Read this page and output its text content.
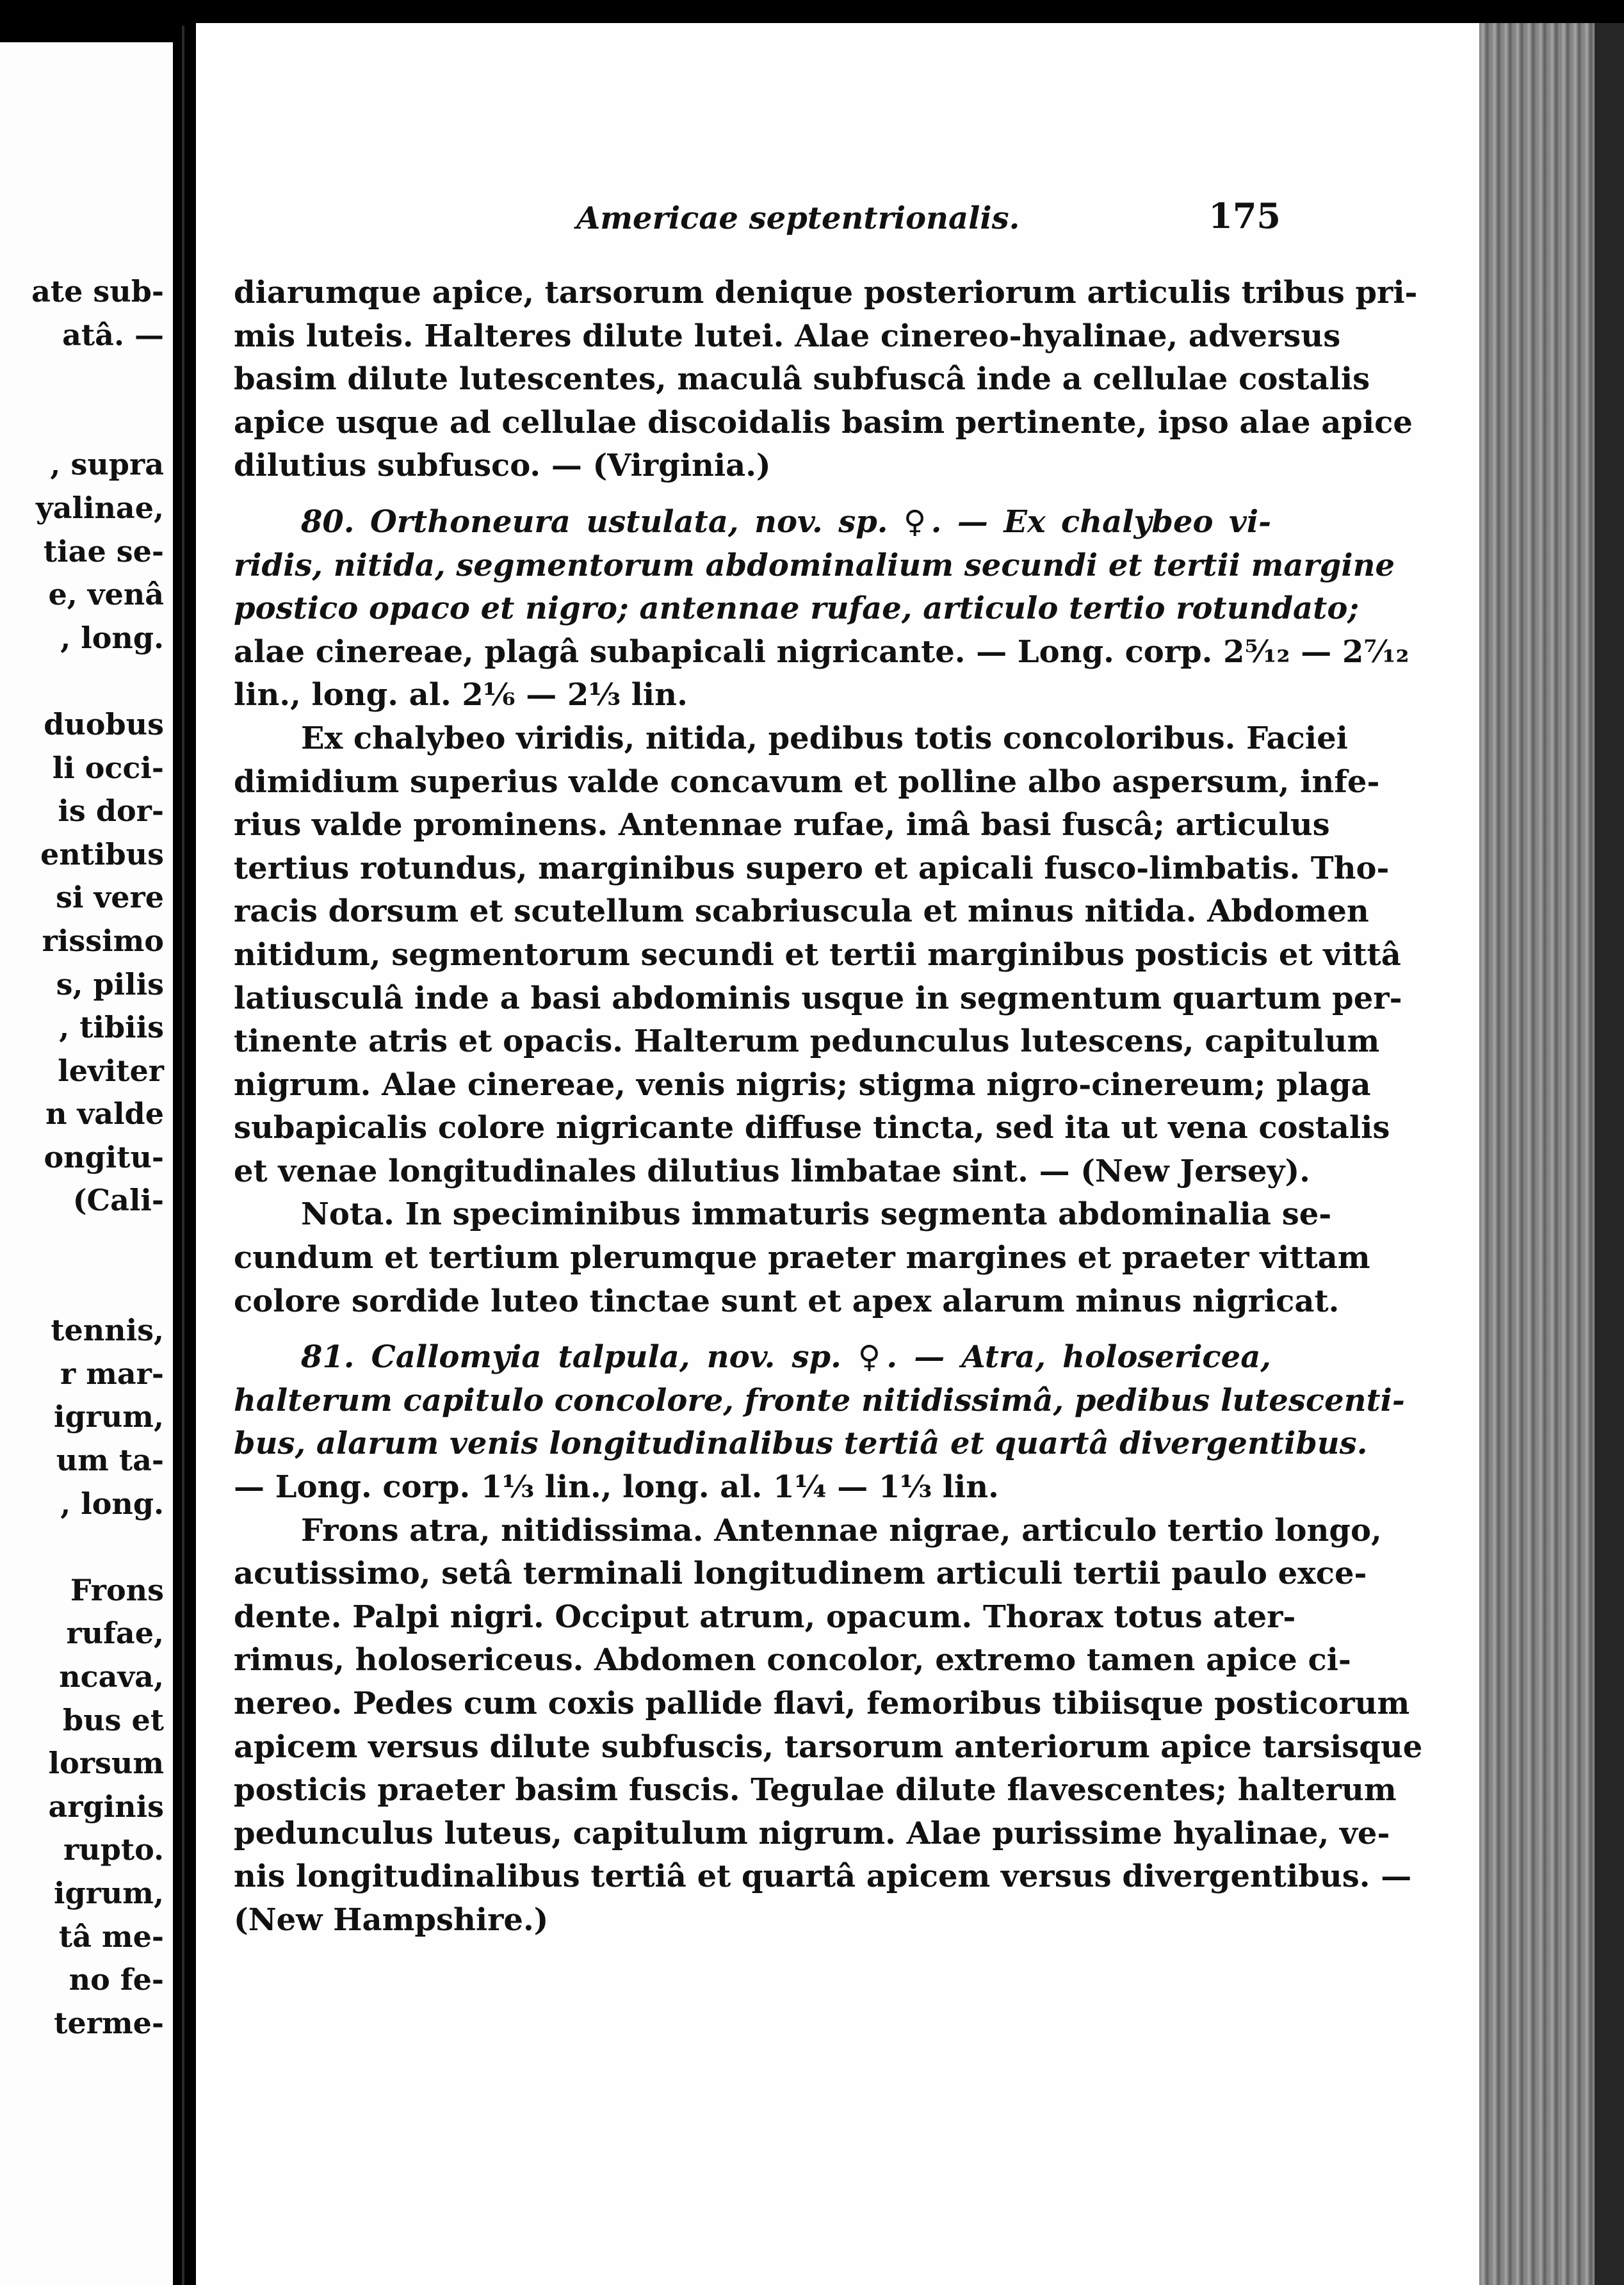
ate sub-
atâ. —
, supra
yalinae,
tiae se-
e, venâ
, long.
duobus
li occi-
is dor-
entibus
si vere
rissimo
s, pilis
, tibiis
leviter
n valde
ongitu-
(Cali-
tennis,
r mar-
igrum,
um ta-
, long.
Frons
rufae,
ncava,
bus et
lorsum
arginis
rupto.
igrum,
tâ me-
no fe-
terme-
Americae septentrionalis.	175
diarumque apice, tarsorum denique posteriorum articulis tribus pri-
mis luteis. Halteres dilute lutei. Alae cinereo-hyalinae, adversus
basim dilute lutescentes, maculâ subfuscâ inde a cellulae costalis
apice usque ad cellulae discoidalis basim pertinente, ipso alae apice
dilutius subfusco. — (Virginia.)
80. Orthoneura ustulata, nov. sp. ♀. — Ex chalybeo vi-
ridis, nitida, segmentorum abdominalium secundi et tertii margine
postico opaco et nigro; antennae rufae, articulo tertio rotundato;
alae cinereae, plagâ subapicali nigricante. — Long. corp. 2⁵⁄₁₂ — 2⁷⁄₁₂
lin., long. al. 2⅙ — 2⅓ lin.
Ex chalybeo viridis, nitida, pedibus totis concoloribus. Faciei
dimidium superius valde concavum et polline albo aspersum, infe-
rius valde prominens. Antennae rufae, imâ basi fuscâ; articulus
tertius rotundus, marginibus supero et apicali fusco-limbatis. Tho-
racis dorsum et scutellum scabriuscula et minus nitida. Abdomen
nitidum, segmentorum secundi et tertii marginibus posticis et vittâ
latiusculâ inde a basi abdominis usque in segmentum quartum per-
tinente atris et opacis. Halterum pedunculus lutescens, capitulum
nigrum. Alae cinereae, venis nigris; stigma nigro-cinereum; plaga
subapicalis colore nigricante diffuse tincta, sed ita ut vena costalis
et venae longitudinales dilutius limbatae sint. — (New Jersey).
Nota. In speciminibus immaturis segmenta abdominalia se-
cundum et tertium plerumque praeter margines et praeter vittam
colore sordide luteo tinctae sunt et apex alarum minus nigricat.
81. Callomyia talpula, nov. sp. ♀. — Atra, holosericea,
halterum capitulo concolore, fronte nitidissimâ, pedibus lutescenti-
bus, alarum venis longitudinalibus tertiâ et quartâ divergentibus.
— Long. corp. 1⅓ lin., long. al. 1¼ — 1⅓ lin.
Frons atra, nitidissima. Antennae nigrae, articulo tertio longo,
acutissimo, setâ terminali longitudinem articuli tertii paulo exce-
dente. Palpi nigri. Occiput atrum, opacum. Thorax totus ater-
rimus, holosericeus. Abdomen concolor, extremo tamen apice ci-
nereo. Pedes cum coxis pallide flavi, femoribus tibiisque posticorum
apicem versus dilute subfuscis, tarsorum anteriorum apice tarsisque
posticis praeter basim fuscis. Tegulae dilute flavescentes; halterum
pedunculus luteus, capitulum nigrum. Alae purissime hyalinae, ve-
nis longitudinalibus tertiâ et quartâ apicem versus divergentibus. —
(New Hampshire.)
